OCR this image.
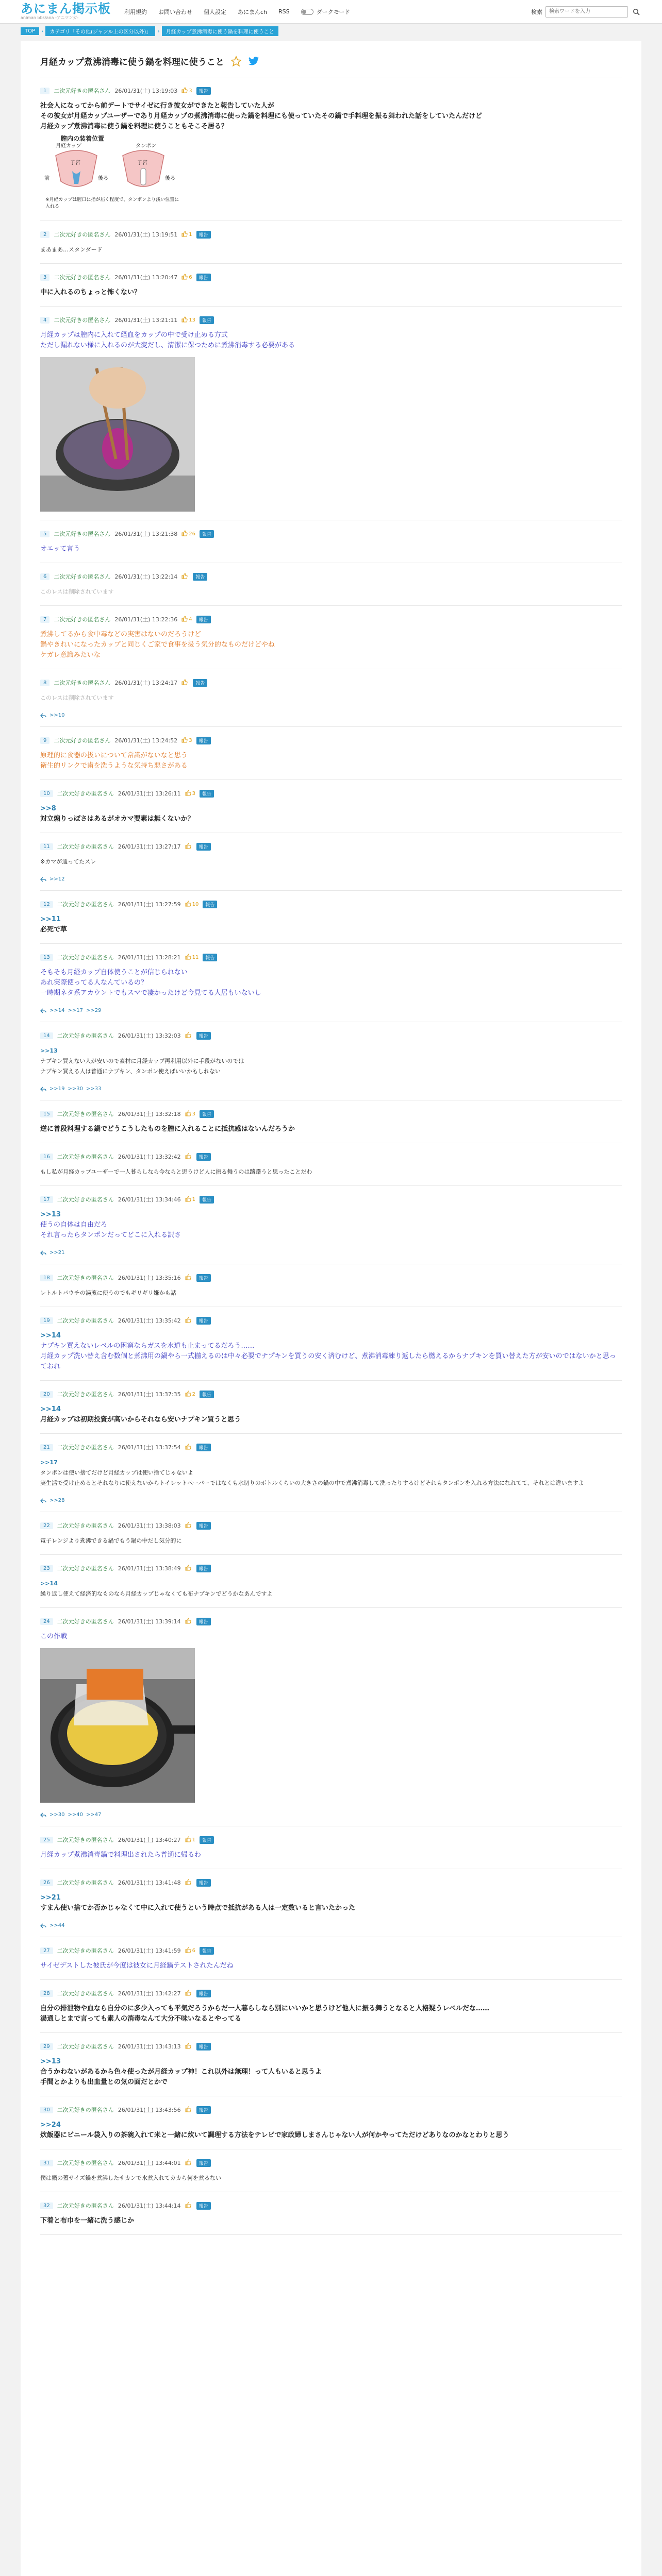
あにまん掲示板
animan bbs/ana -アニマンガ-
利用規約 お問い合わせ 個人設定 あにまんch RSS	ダークモード	検索
検索ワードを入力
TOP	›	カテゴリ「その他(ジャンル上の区分以外)」	›	月経カップ煮沸消毒に使う鍋を料理に使うこと
月経カップ煮沸消毒に使う鍋を料理に使うこと
1	二次元好きの匿名さん 26/01/31(土) 13:19:03 3	報告
社会人になってから前デートでサイゼに行き彼女ができたと報告していた人が
その彼女が月経カップユーザーであり月経カップの煮沸消毒に使った鍋を料理にも使っていたその鍋で手料理を振る舞われた話をしていたんだけど
月経カップ煮沸消毒に使う鍋を料理に使うこともそこそ居る？
膣内の装着位置
月経カップ	タンポン
子宮	子宮
前	後ろ	後ろ
※月経カップは膣口に指が届く程度で、タンポンより浅い位置に入れる
2	二次元好きの匿名さん 26/01/31(土) 13:19:51 1	報告
まあまあ…スタンダード
3	二次元好きの匿名さん 26/01/31(土) 13:20:47 6	報告
中に入れるのちょっと怖くない？
4	二次元好きの匿名さん 26/01/31(土) 13:21:11 13	報告
月経カップは膣内に入れて経血をカップの中で受け止める方式
ただし漏れない様に入れるのが大変だし、清潔に保つために煮沸消毒する必要がある
5	二次元好きの匿名さん 26/01/31(土) 13:21:38 26	報告
オエッて言う
6	二次元好きの匿名さん 26/01/31(土) 13:22:14	報告
このレスは削除されています
7	二次元好きの匿名さん 26/01/31(土) 13:22:36 4	報告
煮沸してるから食中毒などの実害はないのだろうけど
鍋やきれいになったカップと同じくご家で食事を扱う気分的なものだけどやね
ケガレ意識みたいな
8	二次元好きの匿名さん 26/01/31(土) 13:24:17	報告
このレスは削除されています
>>10
9	二次元好きの匿名さん 26/01/31(土) 13:24:52 3	報告
原理的に食器の扱いについて常識がないなと思う
衛生的リンクで歯を洗うような気持ち悪さがある
10	二次元好きの匿名さん 26/01/31(土) 13:26:11 3	報告
>>8
対立煽りっぽさはあるがオカマ要素は無くないか？
11	二次元好きの匿名さん 26/01/31(土) 13:27:17	報告
※カマが通ってたスレ
>>12
12	二次元好きの匿名さん 26/01/31(土) 13:27:59 10	報告
>>11
必死で草
13	二次元好きの匿名さん 26/01/31(土) 13:28:21 11	報告
そもそも月経カップ自体使うことが信じられない
あれ実際使ってる人なんているの？
一時期ネタ系アカウントでもスマで凄かったけど今見てる人居もいないし
>>14 >>17 >>29
14	二次元好きの匿名さん 26/01/31(土) 13:32:03	報告
>>13
ナプキン買えない人が安いので素材に月経カップ再利用以外に手段がないのでは
ナプキン買える人は普通にナプキン、タンポン使えばいいかもしれない
>>19 >>30 >>33
15	二次元好きの匿名さん 26/01/31(土) 13:32:18 3	報告
逆に普段料理する鍋でどうこうしたものを膣に入れることに抵抗感はないんだろうか
16	二次元好きの匿名さん 26/01/31(土) 13:32:42	報告
もし私が月経カップユーザーで一人暮らしなら今ならと思うけど人に振る舞うのは躊躇うと思ったことだわ
17	二次元好きの匿名さん 26/01/31(土) 13:34:46 1	報告
>>13
使うの自体は自由だろ
それ言ったらタンポンだってどこに入れる訳さ
>>21
18	二次元好きの匿名さん 26/01/31(土) 13:35:16	報告
レトルトパウチの湯煎に使うのでもギリギリ嫌かも話
19	二次元好きの匿名さん 26/01/31(土) 13:35:42	報告
>>14
ナプキン買えないレベルの困窮ならガスを水道も止まってるだろう……
月経カップ洗い替え含む数個と煮沸用の鍋やら一式揃えるのは中々必要でナプキンを買うの安く済むけど、煮沸消毒練り返したら燃えるからナプキンを買い替えた方が安いのではないかと思っておれ
20	二次元好きの匿名さん 26/01/31(土) 13:37:35 2	報告
>>14
月経カップは初期投資が高いからそれなら安いナプキン買うと思う
21	二次元好きの匿名さん 26/01/31(土) 13:37:54	報告
>>17
タンポンは使い捨てだけど月経カップは使い捨てじゃないよ
実生活で受け止めるとそれなりに使えないからトイレットペーパーではなくも水切りのボトルくらいの大きさの鍋の中で煮沸消毒して洗ったりするけどそれもタンポンを入れる方法になれてて、それとは違いますよ
>>28
22	二次元好きの匿名さん 26/01/31(土) 13:38:03	報告
電子レンジより煮沸できる鍋でもう鍋の中だし気分的に
23	二次元好きの匿名さん 26/01/31(土) 13:38:49	報告
>>14
繰り返し使えて経済的なものなら月経カップじゃなくても布ナプキンでどうかなあんですよ
24	二次元好きの匿名さん 26/01/31(土) 13:39:14	報告
この作戦
>>30 >>40 >>47
25	二次元好きの匿名さん 26/01/31(土) 13:40:27 1	報告
月経カップ煮沸消毒鍋で料理出されたら普通に帰るわ
26	二次元好きの匿名さん 26/01/31(土) 13:41:48	報告
>>21
すまん使い捨てか否かじゃなくて中に入れて使うという時点で抵抗がある人は一定数いると言いたかった
>>44
27	二次元好きの匿名さん 26/01/31(土) 13:41:59 6	報告
サイゼデストした彼氏が今度は彼女に月経鍋テストされたんだね
28	二次元好きの匿名さん 26/01/31(土) 13:42:27	報告
自分の排泄物や血なら自分のに多少入っても平気だろうからだ一人暮らしなら別にいいかと思うけど他人に振る舞うとなると人格疑うレベルだな……
湯通しとまで言っても素人の消毒なんて大分不味いなるとやってる
29	二次元好きの匿名さん 26/01/31(土) 13:43:13	報告
>>13
合うかわないがあるから色々使ったが月経カップ神！これ以外は無理！って人もいると思うよ
手間とかよりも出血量との気の面だとかで
30	二次元好きの匿名さん 26/01/31(土) 13:43:56	報告
>>24
炊飯器にビニール袋入りの茶碗入れて米と一緒に炊いて調理する方法をテレビで家政婦しまさんじゃない人が何かやってただけどありなのかなとわりと思う
31	二次元好きの匿名さん 26/01/31(土) 13:44:01	報告
僕は鍋の蓋サイズ鍋を煮沸したサカンで水煮入れてカカら何を煮るない
32	二次元好きの匿名さん 26/01/31(土) 13:44:14	報告
下着と布巾を一緒に洗う感じか
